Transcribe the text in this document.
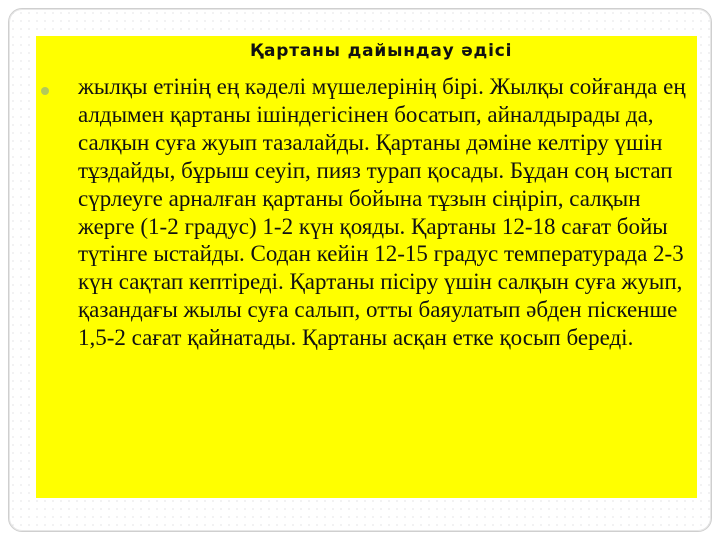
Қартаны дайындау әдісі

жылқы етінің ең кәделі мүшелерінің бірі. Жылқы сойғанда ең алдымен қартаны ішіндегісінен босатып, айналдырады да, салқын суға жуып тазалайды. Қартаны дәміне келтіру үшін тұздайды, бұрыш сеуіп, пияз турап қосады. Бұдан соң ыстап сүрлеуге арналған қартаны бойына тұзын сіңіріп, салқын жерге (1-2 градус) 1-2 күн қояды. Қартаны 12-18 сағат бойы түтінге ыстайды. Содан кейін 12-15 градус температурада 2-3 күн сақтап кептіреді. Қартаны пісіру үшін салқын суға жуып, қазандағы жылы суға салып, отты баяулатып әбден піскенше 1,5-2 сағат қайнатады. Қартаны асқан етке қосып береді.
